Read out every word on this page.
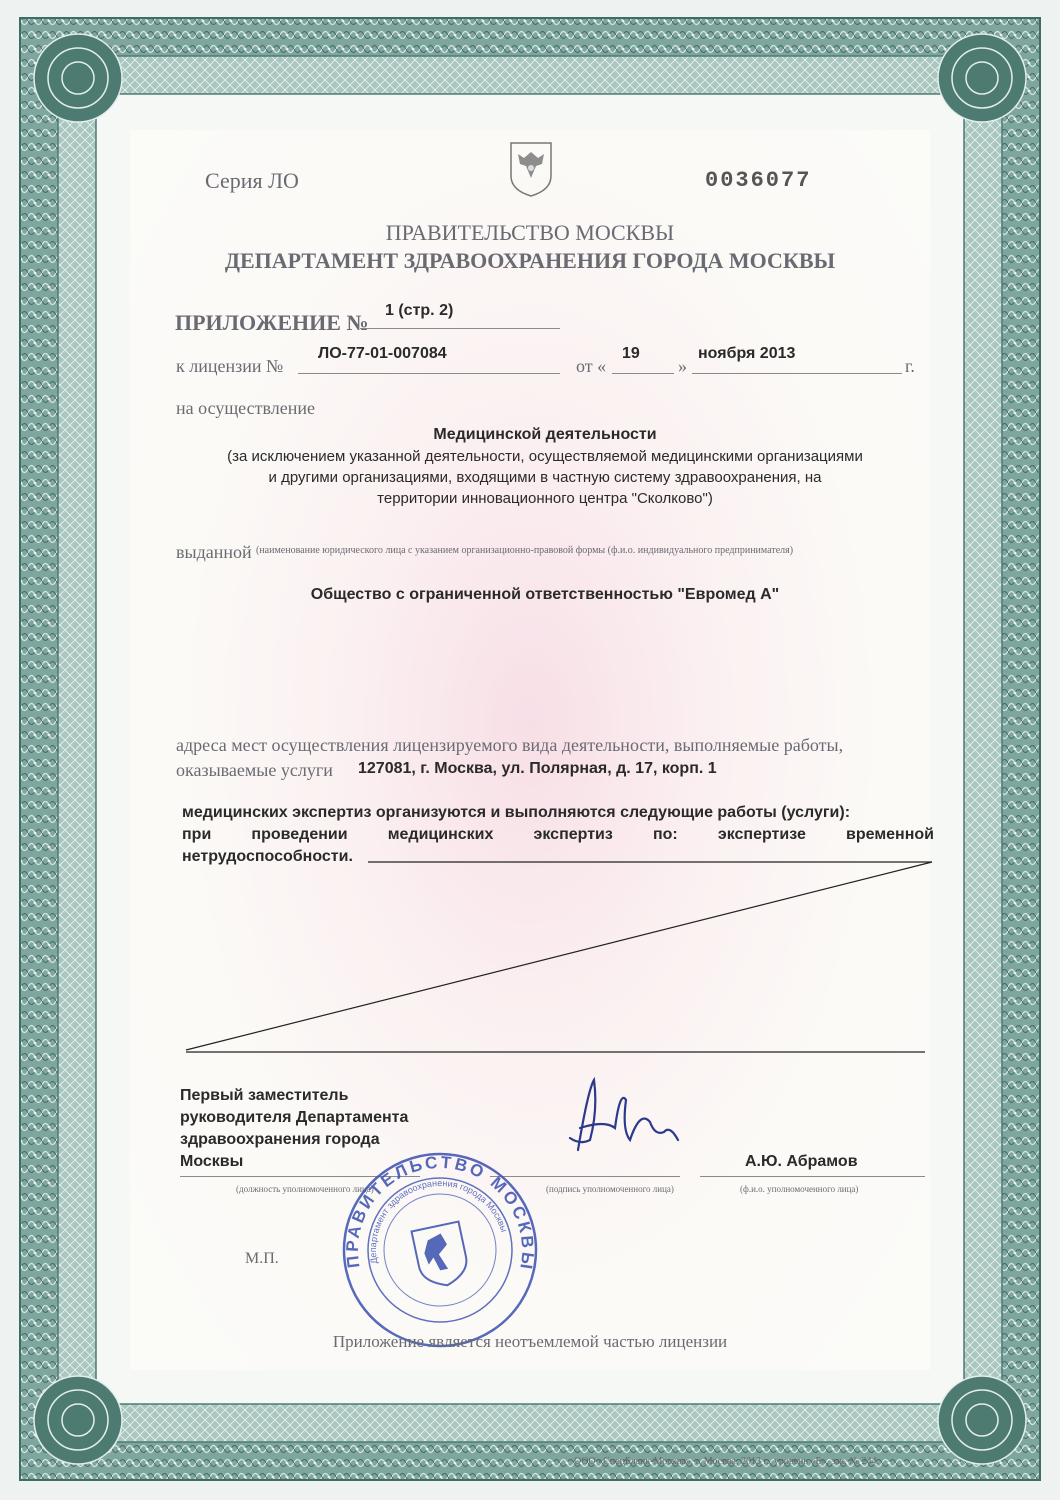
Серия ЛО	0036077
ПРАВИТЕЛЬСТВО МОСКВЫ
ДЕПАРТАМЕНТ ЗДРАВООХРАНЕНИЯ ГОРОДА МОСКВЫ
ПРИЛОЖЕНИЕ № 1 (стр. 2)
к лицензии №
ЛО-77-01-007084
от «
19
»
ноября 2013
г.
на осуществление
Медицинской деятельности
(за исключением указанной деятельности, осуществляемой медицинскими организациями
и другими организациями, входящими в частную систему здравоохранения, на
территории инновационного центра "Сколково")
выданной (наименование юридического лица с указанием организационно-правовой формы (ф.и.о. индивидуального предпринимателя)
Общество с ограниченной ответственностью "Евромед А"
адреса мест осуществления лицензируемого вида деятельности, выполняемые работы,
оказываемые услуги 127081, г. Москва, ул. Полярная, д. 17, корп. 1
медицинских экспертиз организуются и выполняются следующие работы (услуги):
при проведении медицинских экспертиз по: экспертизе временной
нетрудоспособности.
Первый заместитель
руководителя Департамента
здравоохранения города
Москвы	А.Ю. Абрамов
(должность уполномоченного лица)	(подпись уполномоченного лица)	(ф.и.о. уполномоченного лица)
ПРАВИТЕЛЬСТВО МОСКВЫ
Департамент здравоохранения города Москвы
М.П.
Приложение является неотъемлемой частью лицензии
ООО «СпецБланк-Москва», г. Москва, 2013 г., уровень «Б», зак. № 244.
